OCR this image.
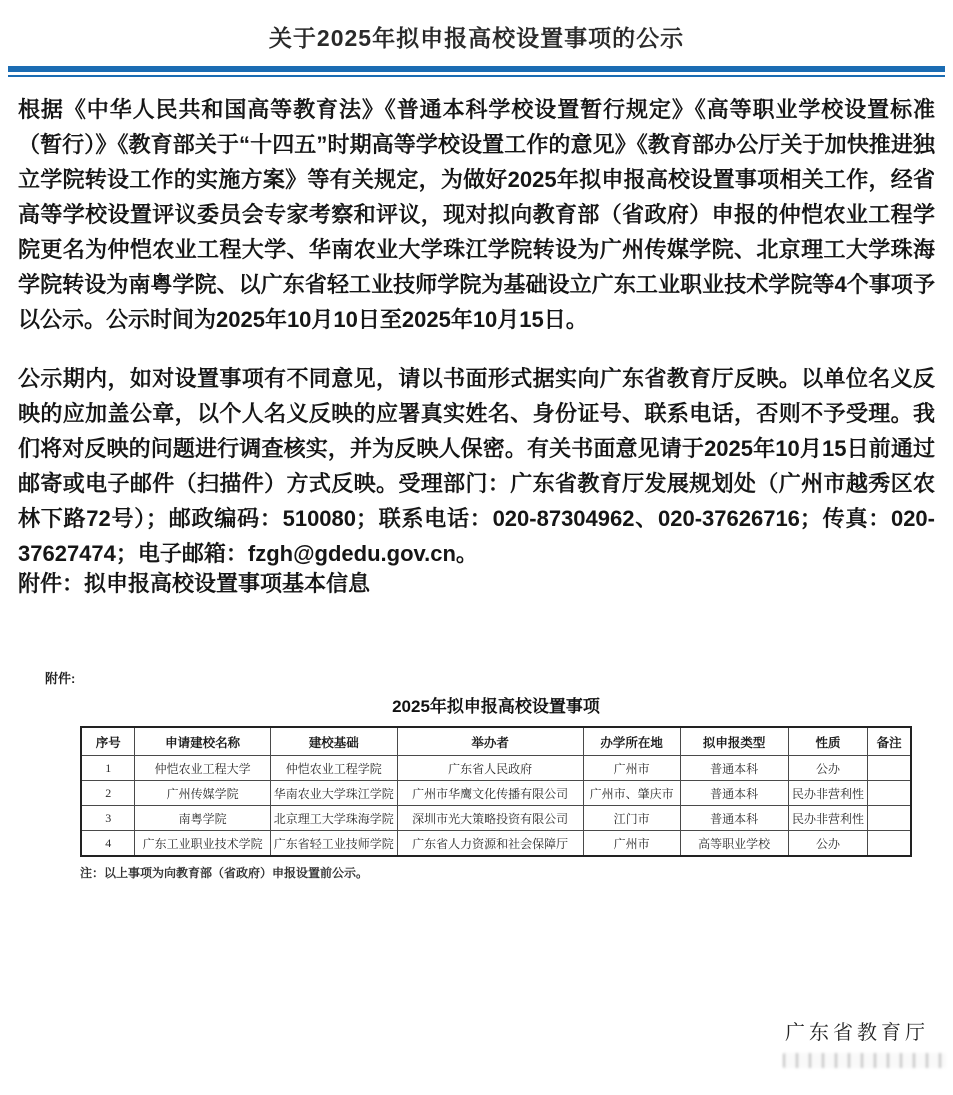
关于2025年拟申报高校设置事项的公示

根据《中华人民共和国高等教育法》《普通本科学校设置暂行规定》《高等职业学校设置标准（暂行）》《教育部关于“十四五”时期高等学校设置工作的意见》《教育部办公厅关于加快推进独立学院转设工作的实施方案》等有关规定，为做好2025年拟申报高校设置事项相关工作，经省高等学校设置评议委员会专家考察和评议，现对拟向教育部（省政府）申报的仲恺农业工程学院更名为仲恺农业工程大学、华南农业大学珠江学院转设为广州传媒学院、北京理工大学珠海学院转设为南粤学院、以广东省轻工业技师学院为基础设立广东工业职业技术学院等4个事项予以公示。公示时间为2025年10月10日至2025年10月15日。

公示期内，如对设置事项有不同意见，请以书面形式据实向广东省教育厅反映。以单位名义反映的应加盖公章，以个人名义反映的应署真实姓名、身份证号、联系电话，否则不予受理。我们将对反映的问题进行调查核实，并为反映人保密。有关书面意见请于2025年10月15日前通过邮寄或电子邮件（扫描件）方式反映。受理部门：广东省教育厅发展规划处（广州市越秀区农林下路72号）；邮政编码：510080；联系电话：020-87304962、020-37626716；传真：020-37627474；电子邮箱：fzgh@gdedu.gov.cn。

附件：拟申报高校设置事项基本信息

附件:
2025年拟申报高校设置事项
序号	申请建校名称	建校基础	举办者	办学所在地	拟申报类型	性质	备注
1	仲恺农业工程大学	仲恺农业工程学院	广东省人民政府	广州市	普通本科	公办	
2	广州传媒学院	华南农业大学珠江学院	广州市华鹰文化传播有限公司	广州市、肇庆市	普通本科	民办非营利性	
3	南粤学院	北京理工大学珠海学院	深圳市光大策略投资有限公司	江门市	普通本科	民办非营利性	
4	广东工业职业技术学院	广东省轻工业技师学院	广东省人力资源和社会保障厅	广州市	高等职业学校	公办	
注：以上事项为向教育部（省政府）申报设置前公示。
广东省教育厅
